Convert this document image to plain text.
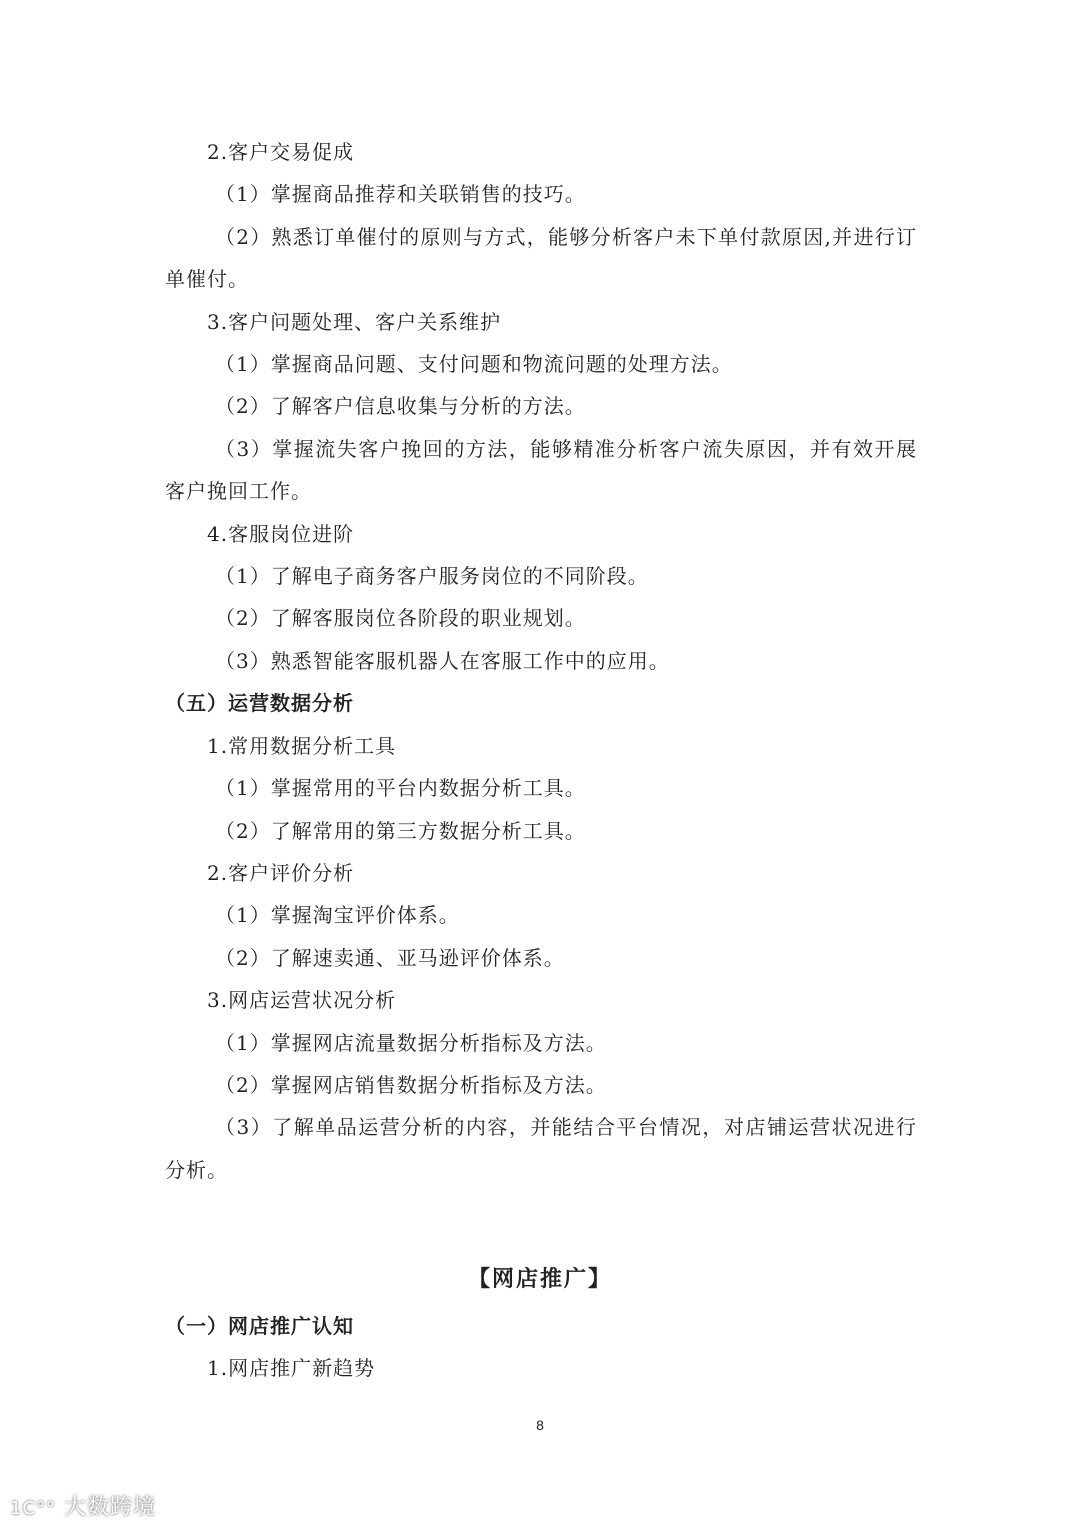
2.客户交易促成

（1）掌握商品推荐和关联销售的技巧。

（2）熟悉订单催付的原则与方式，能够分析客户未下单付款原因,并进行订单催付。

3.客户问题处理、客户关系维护

（1）掌握商品问题、支付问题和物流问题的处理方法。

（2）了解客户信息收集与分析的方法。

（3）掌握流失客户挽回的方法，能够精准分析客户流失原因，并有效开展客户挽回工作。

4.客服岗位进阶

（1）了解电子商务客户服务岗位的不同阶段。

（2）了解客服岗位各阶段的职业规划。

（3）熟悉智能客服机器人在客服工作中的应用。

（五）运营数据分析

1.常用数据分析工具

（1）掌握常用的平台内数据分析工具。

（2）了解常用的第三方数据分析工具。

2.客户评价分析

（1）掌握淘宝评价体系。

（2）了解速卖通、亚马逊评价体系。

3.网店运营状况分析

（1）掌握网店流量数据分析指标及方法。

（2）掌握网店销售数据分析指标及方法。

（3）了解单品运营分析的内容，并能结合平台情况，对店铺运营状况进行分析。

【网店推广】

（一）网店推广认知

1.网店推广新趋势

8
1C°° 大数跨境
